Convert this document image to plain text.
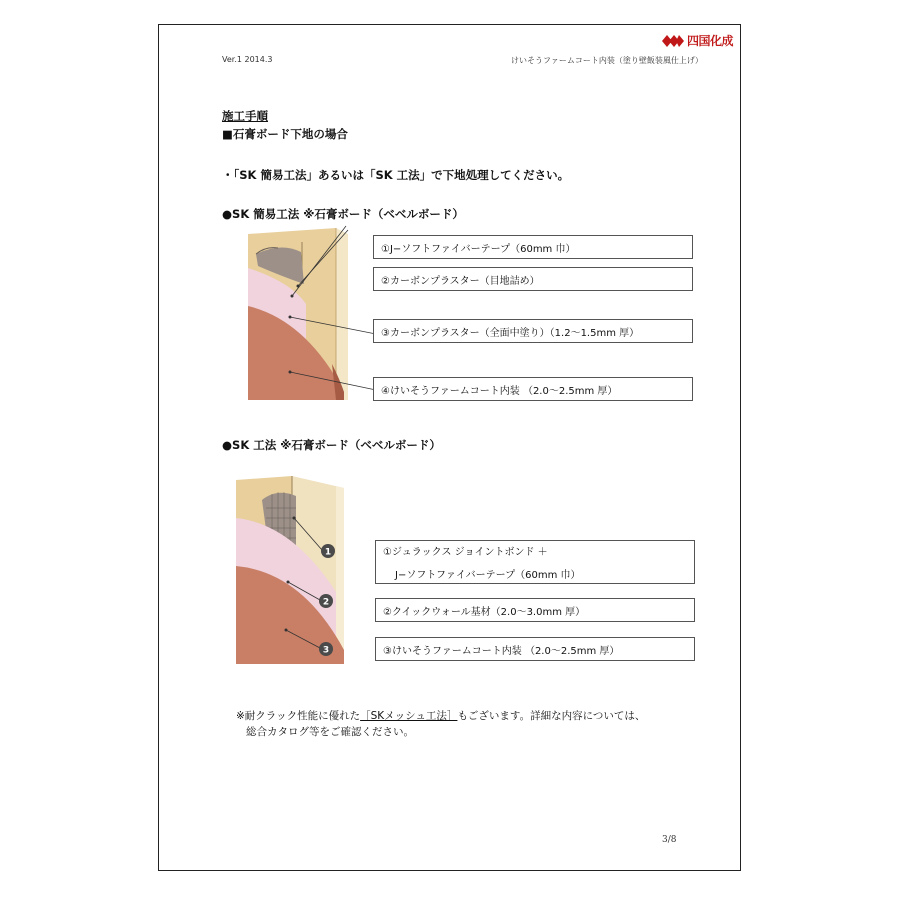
Ver.1 2014.3	けいそうファームコート内装（塗り壁飯装風仕上げ）
四国化成
施工手順
■石膏ボード下地の場合
・「SK 簡易工法」あるいは「SK 工法」で下地処理してください。
●SK 簡易工法 ※石膏ボード（ベベルボード）
①J−ソフトファイバーテープ（60mm 巾）
②カーボンプラスター（目地詰め）
③カーボンプラスター（全面中塗り）（1.2〜1.5mm 厚）
④けいそうファームコート内装 （2.0〜2.5mm 厚）
●SK 工法 ※石膏ボード（ベベルボード）
1
2
3
①ジュラックス ジョイントボンド ＋
J−ソフトファイバーテープ（60mm 巾）
②クイックウォール基材（2.0〜3.0mm 厚）
③けいそうファームコート内装 （2.0〜2.5mm 厚）
※耐クラック性能に優れた［SKメッシュ工法］もございます。詳細な内容については、
総合カタログ等をご確認ください。
3/8
